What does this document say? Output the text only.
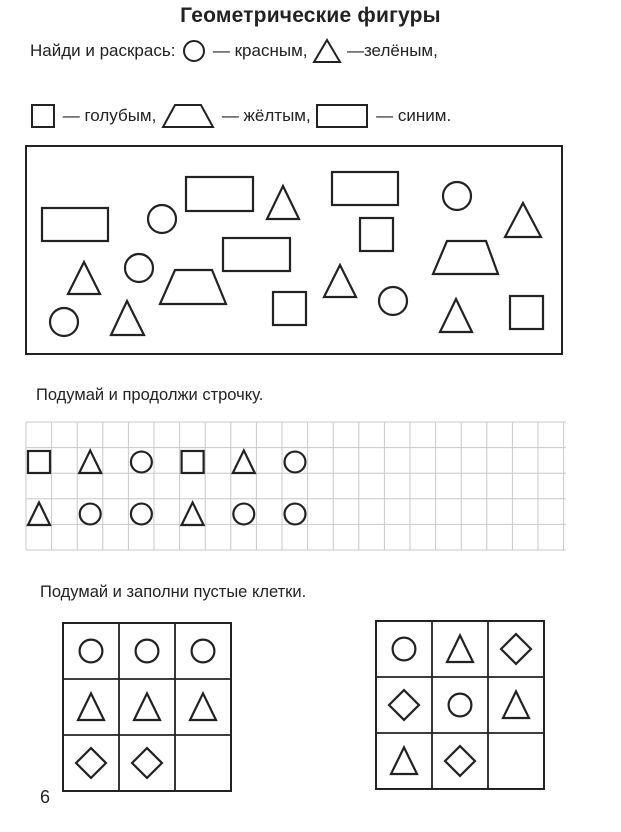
Геометрические фигуры
Найди и раскрась: — красным, —зелёным,
— голубым,	— жёлтым,	— синим.
Подумай и продолжи строчку.
Подумай и заполни пустые клетки.
6
